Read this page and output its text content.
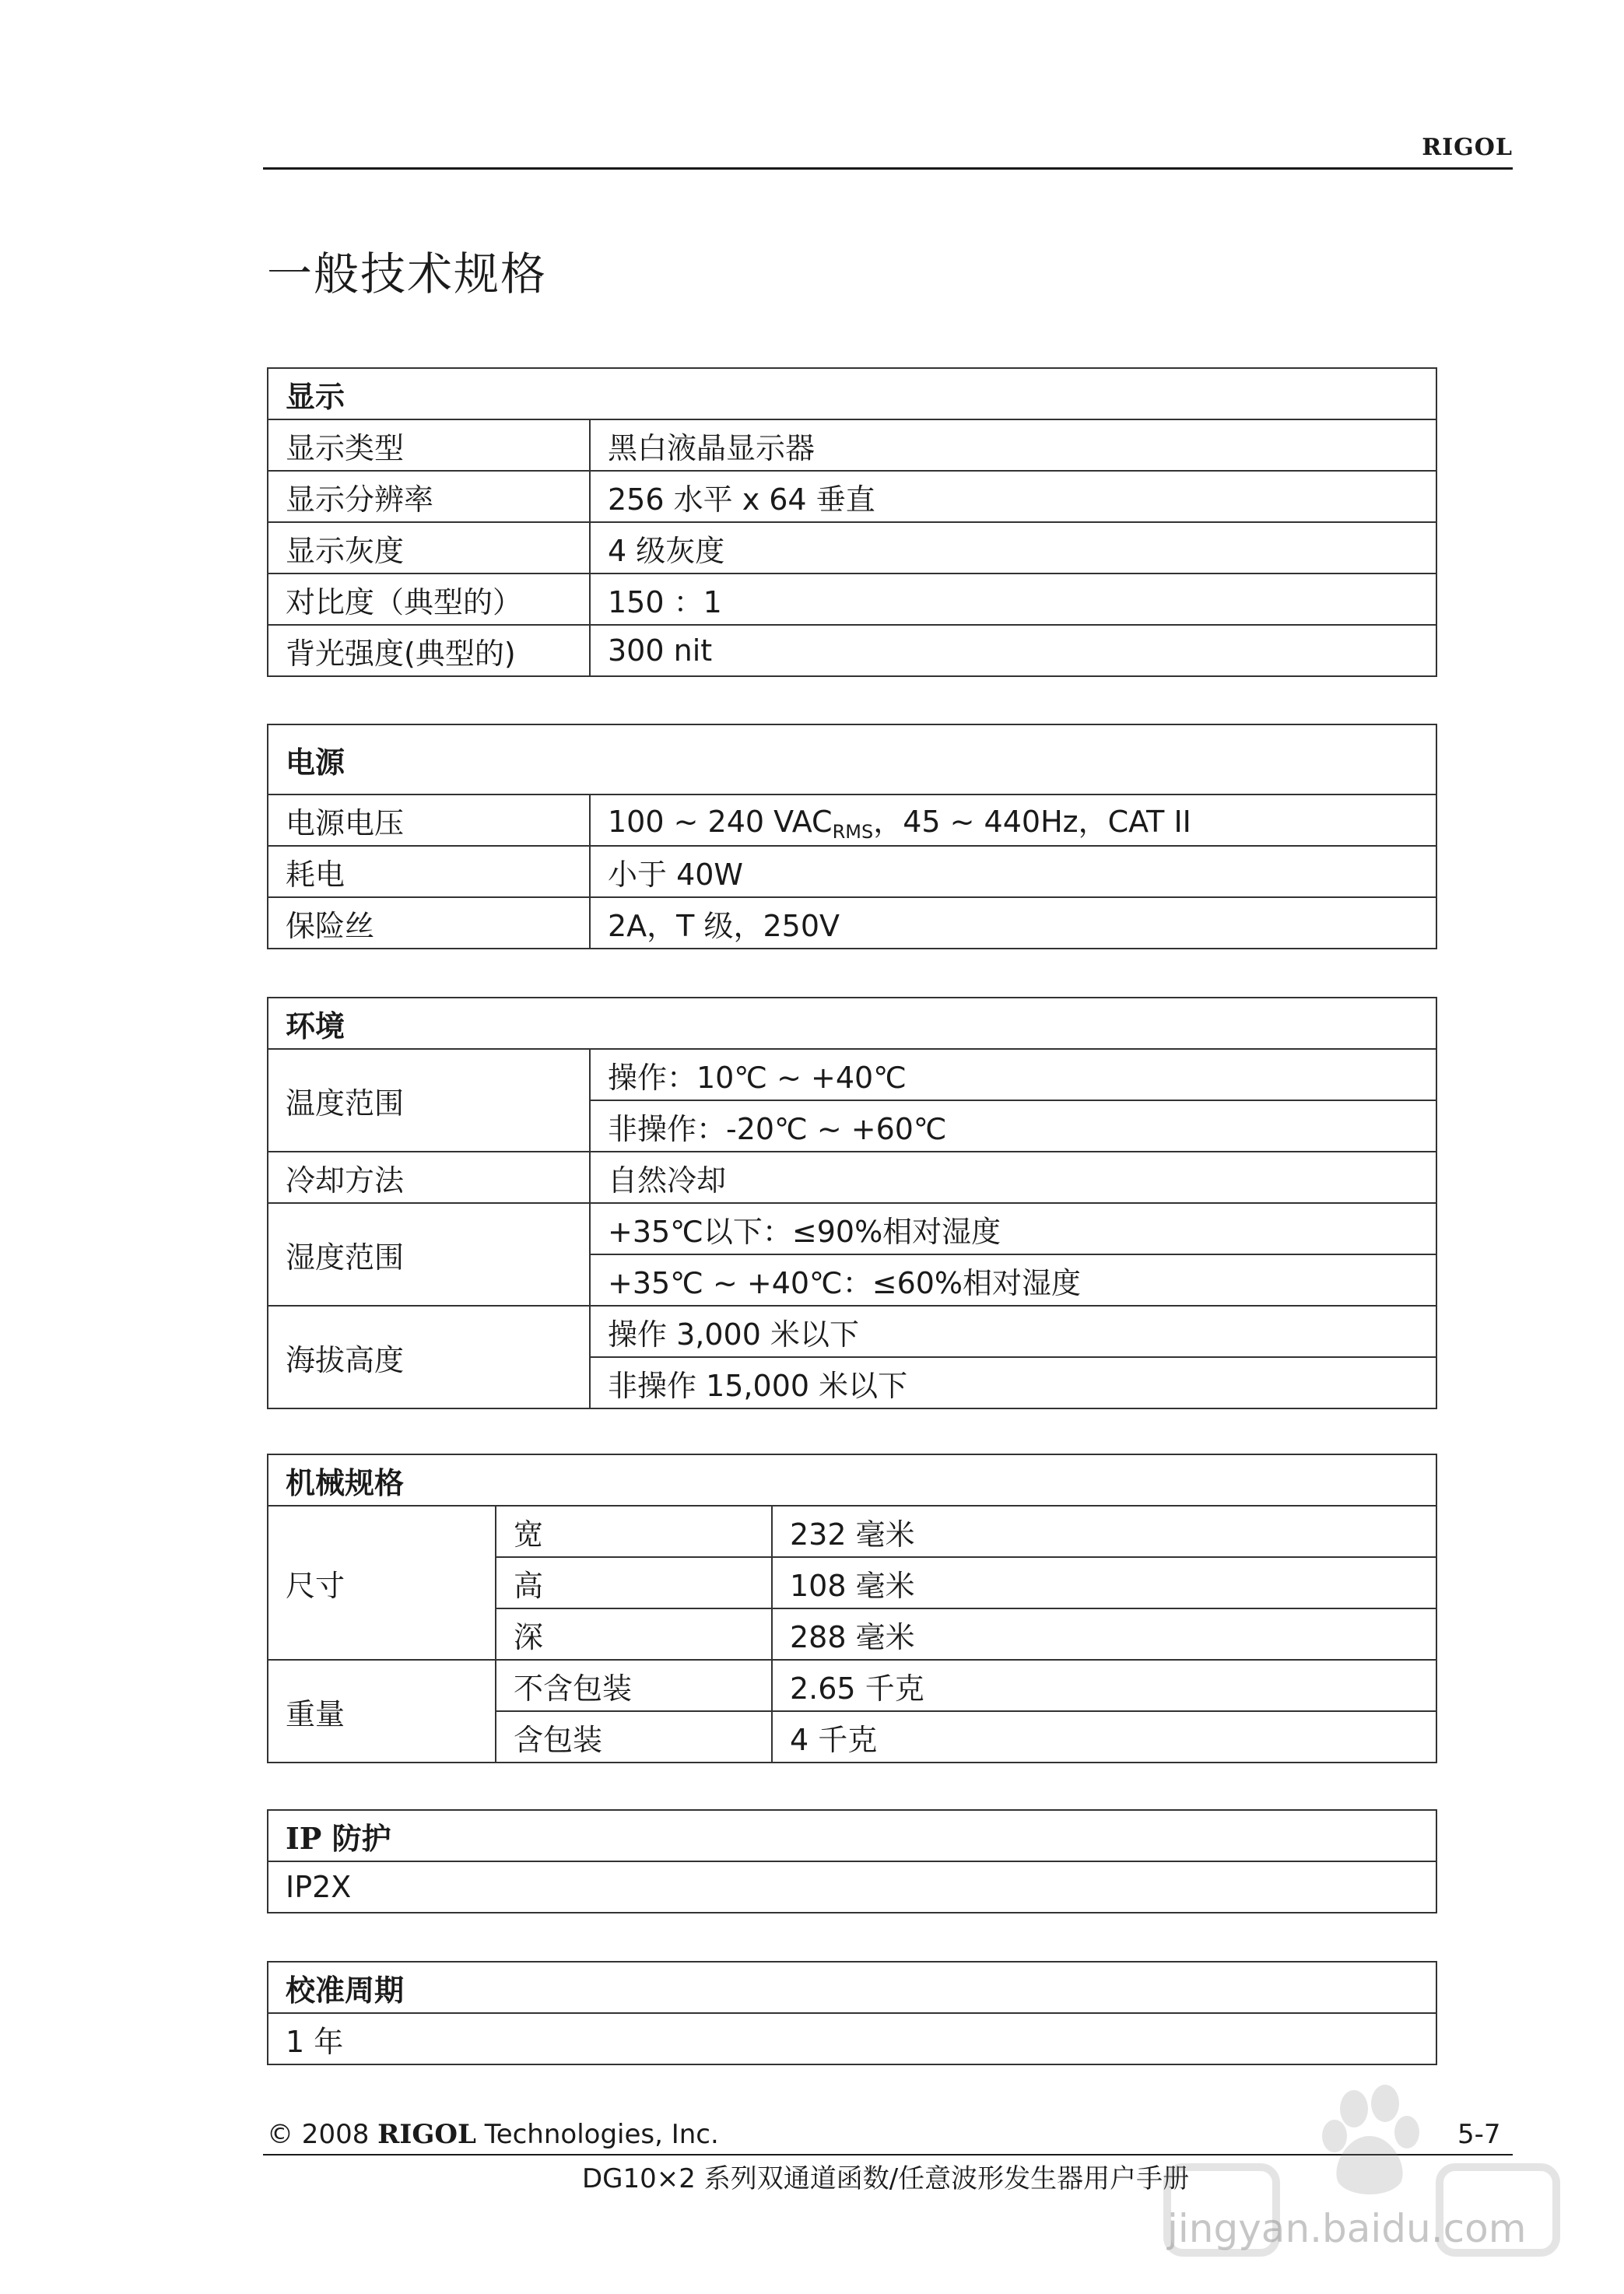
RIGOL
一般技术规格
显示	
显示类型	黑白液晶显示器
显示分辨率	256 水平 x 64 垂直
显示灰度	4 级灰度
对比度（典型的）	150 ：1
背光强度(典型的)	300 nit
电源	
电源电压	100 ~ 240 $VAC_{RMS}$，45 ~ 440Hz，CAT II
耗电	小于 40W
保险丝	2A，T 级，250V
环境	
温度范围	操作：10℃ ~ +40℃
	非操作：-20℃ ~ +60℃
冷却方法	自然冷却
湿度范围	+35℃以下：≤90%相对湿度
	+35℃ ~ +40℃：≤60%相对湿度
海拔高度	操作 3,000 米以下
	非操作 15,000 米以下
机械规格		
尺寸	宽	232 毫米
	高	108 毫米
	深	288 毫米
重量	不含包装	2.65 千克
	含包装	4 千克
IP 防护
IP2X
校准周期
1 年
© 2008 RIGOL Technologies, Inc.	5-7
DG10×2 系列双通道函数/任意波形发生器用户手册
jingyan.baidu.com
